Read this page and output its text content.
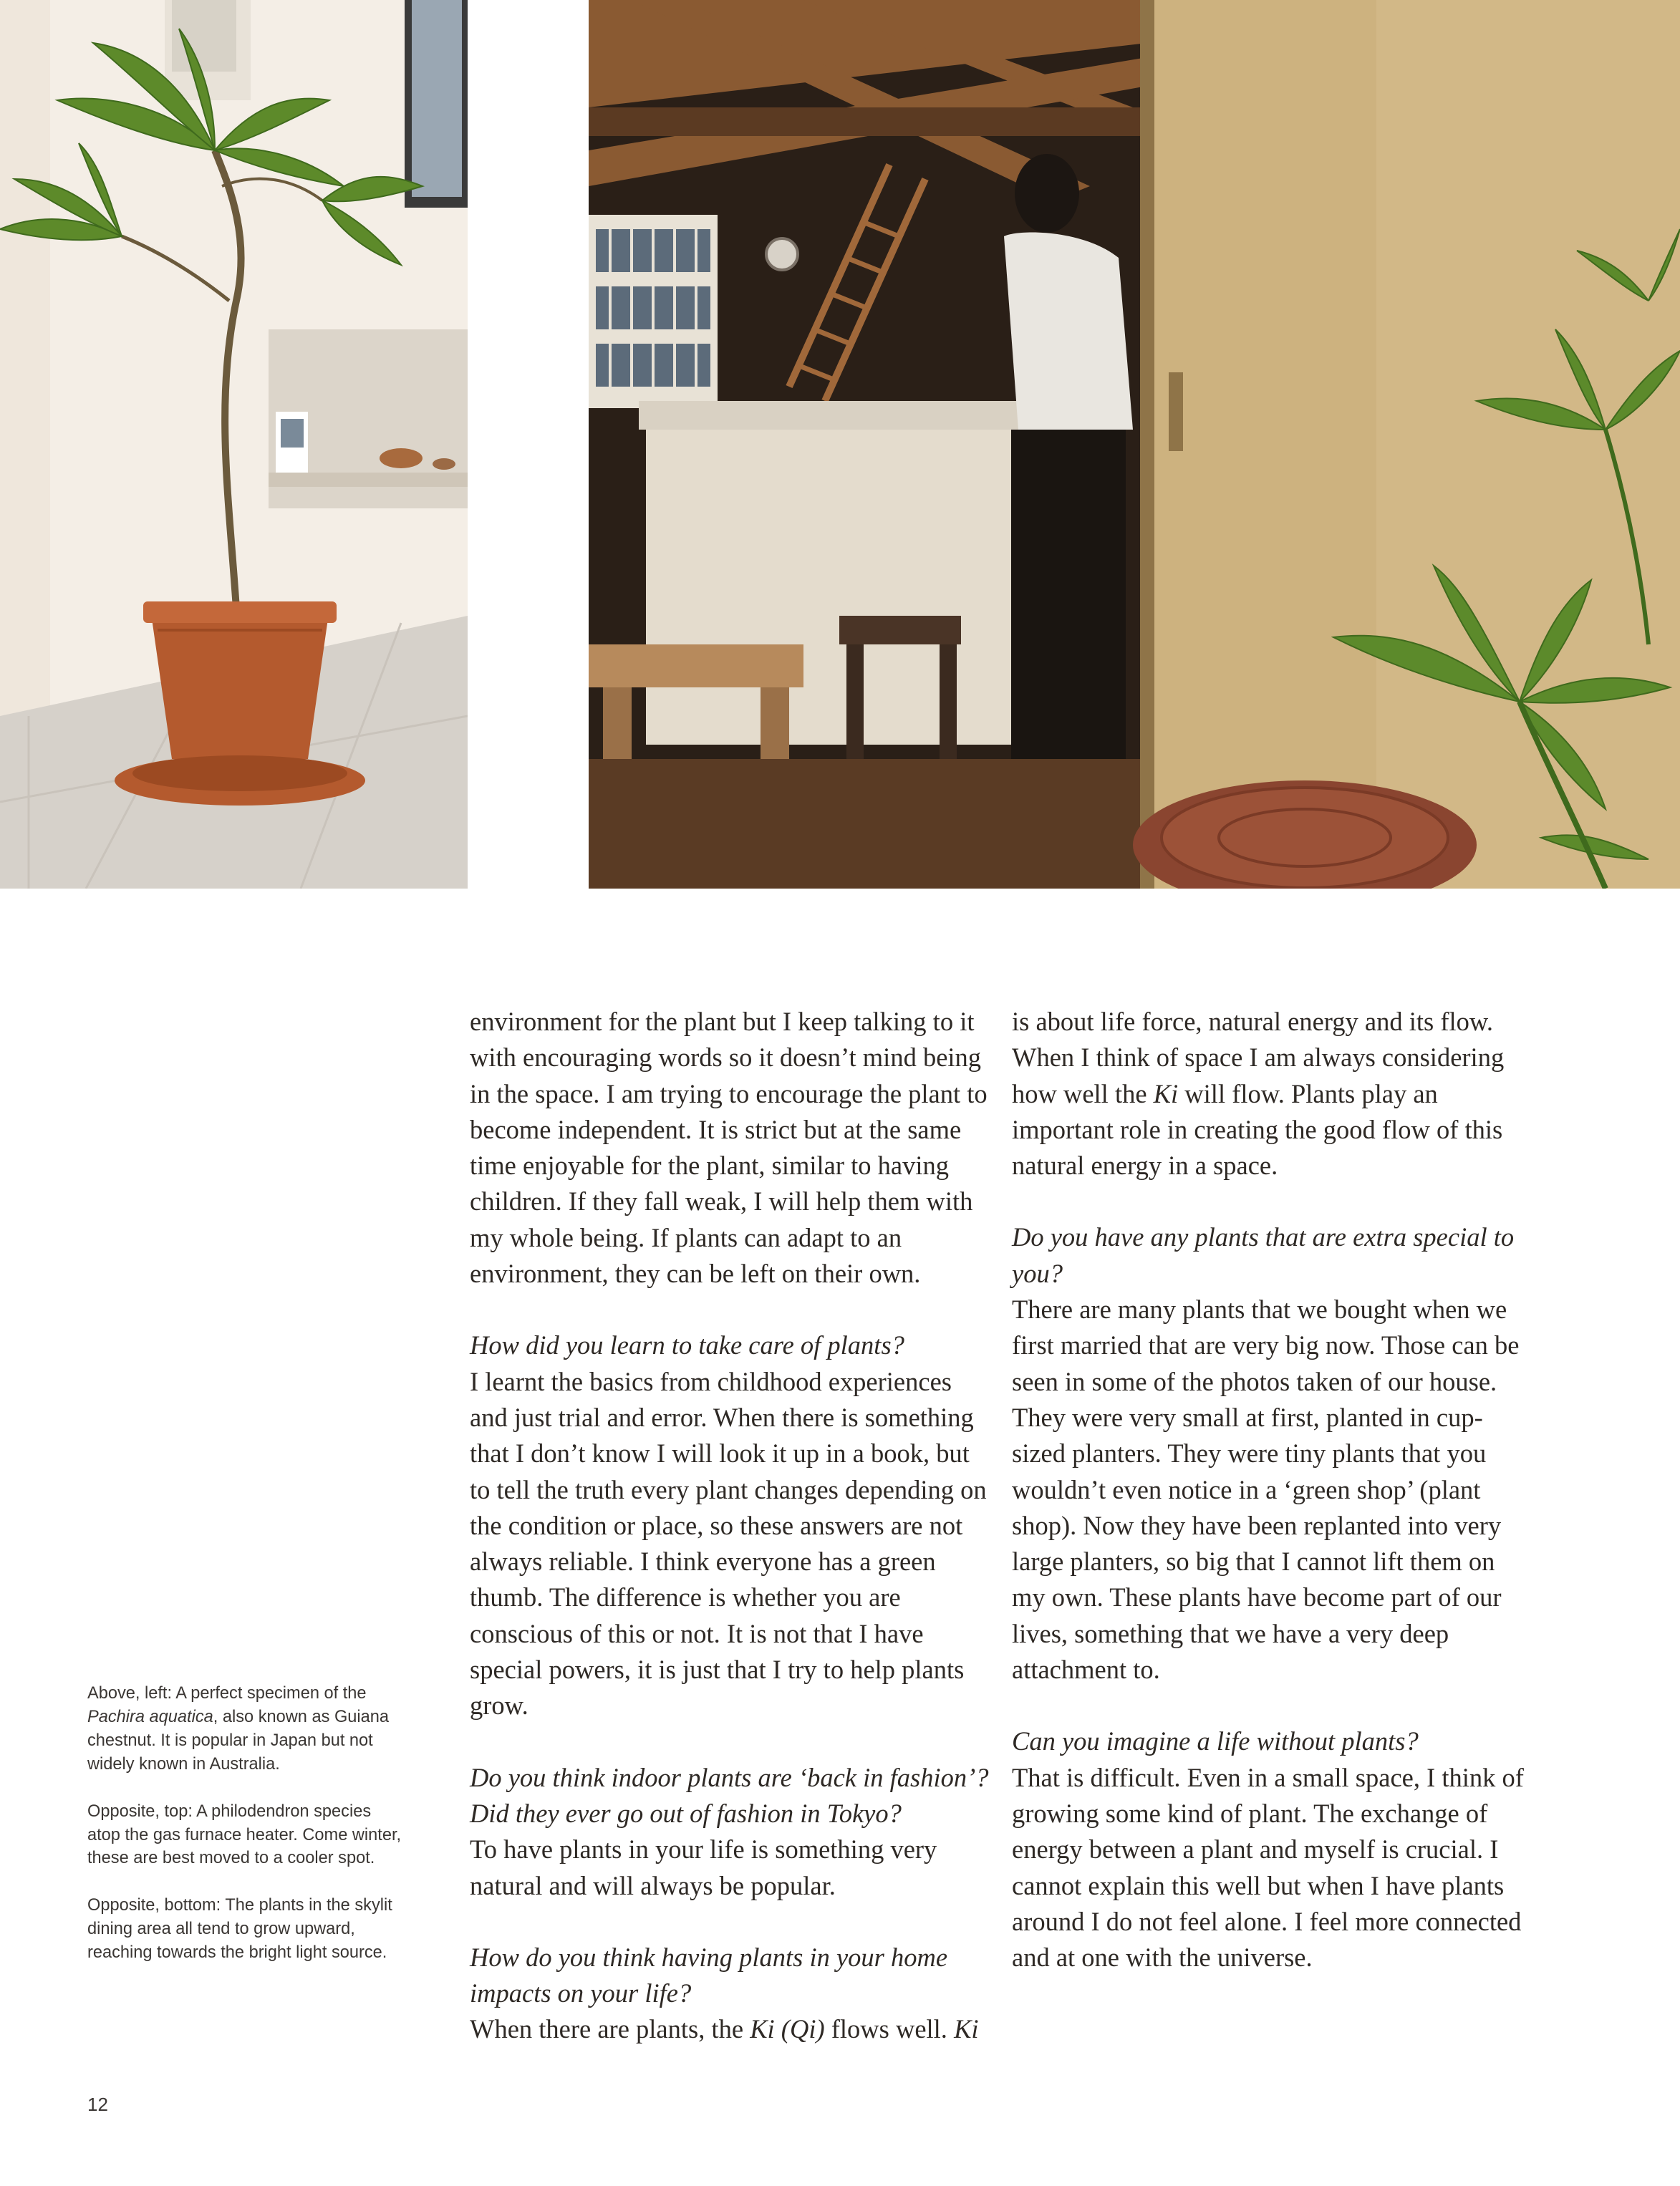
environment for the plant but I keep talking to it with encouraging words so it doesn’t mind being in the space. I am trying to encourage the plant to become independent. It is strict but at the same time enjoyable for the plant, similar to having children. If they fall weak, I will help them with my whole being. If plants can adapt to an environment, they can be left on their own.

How did you learn to take care of plants?
I learnt the basics from childhood experiences and just trial and error. When there is something that I don’t know I will look it up in a book, but to tell the truth every plant changes depending on the condition or place, so these answers are not always reliable. I think everyone has a green thumb. The difference is whether you are conscious of this or not. It is not that I have special powers, it is just that I try to help plants grow.

Do you think indoor plants are ‘back in fashion’? Did they ever go out of fashion in Tokyo?
To have plants in your life is something very natural and will always be popular.

How do you think having plants in your home impacts on your life?
When there are plants, the Ki (Qi) flows well. Ki

is about life force, natural energy and its flow. When I think of space I am always considering how well the Ki will flow. Plants play an important role in creating the good flow of this natural energy in a space.

Do you have any plants that are extra special to you?
There are many plants that we bought when we first married that are very big now. Those can be seen in some of the photos taken of our house. They were very small at first, planted in cup-sized planters. They were tiny plants that you wouldn’t even notice in a ‘green shop’ (plant shop). Now they have been replanted into very large planters, so big that I cannot lift them on my own. These plants have become part of our lives, something that we have a very deep attachment to.

Can you imagine a life without plants?
That is difficult. Even in a small space, I think of growing some kind of plant. The exchange of energy between a plant and myself is crucial. I cannot explain this well but when I have plants around I do not feel alone. I feel more connected and at one with the universe.

Above, left: A perfect specimen of the Pachira aquatica, also known as Guiana chestnut. It is popular in Japan but not widely known in Australia.

Opposite, top: A philodendron species atop the gas furnace heater. Come winter, these are best moved to a cooler spot.

Opposite, bottom: The plants in the skylit dining area all tend to grow upward, reaching towards the bright light source.

12
